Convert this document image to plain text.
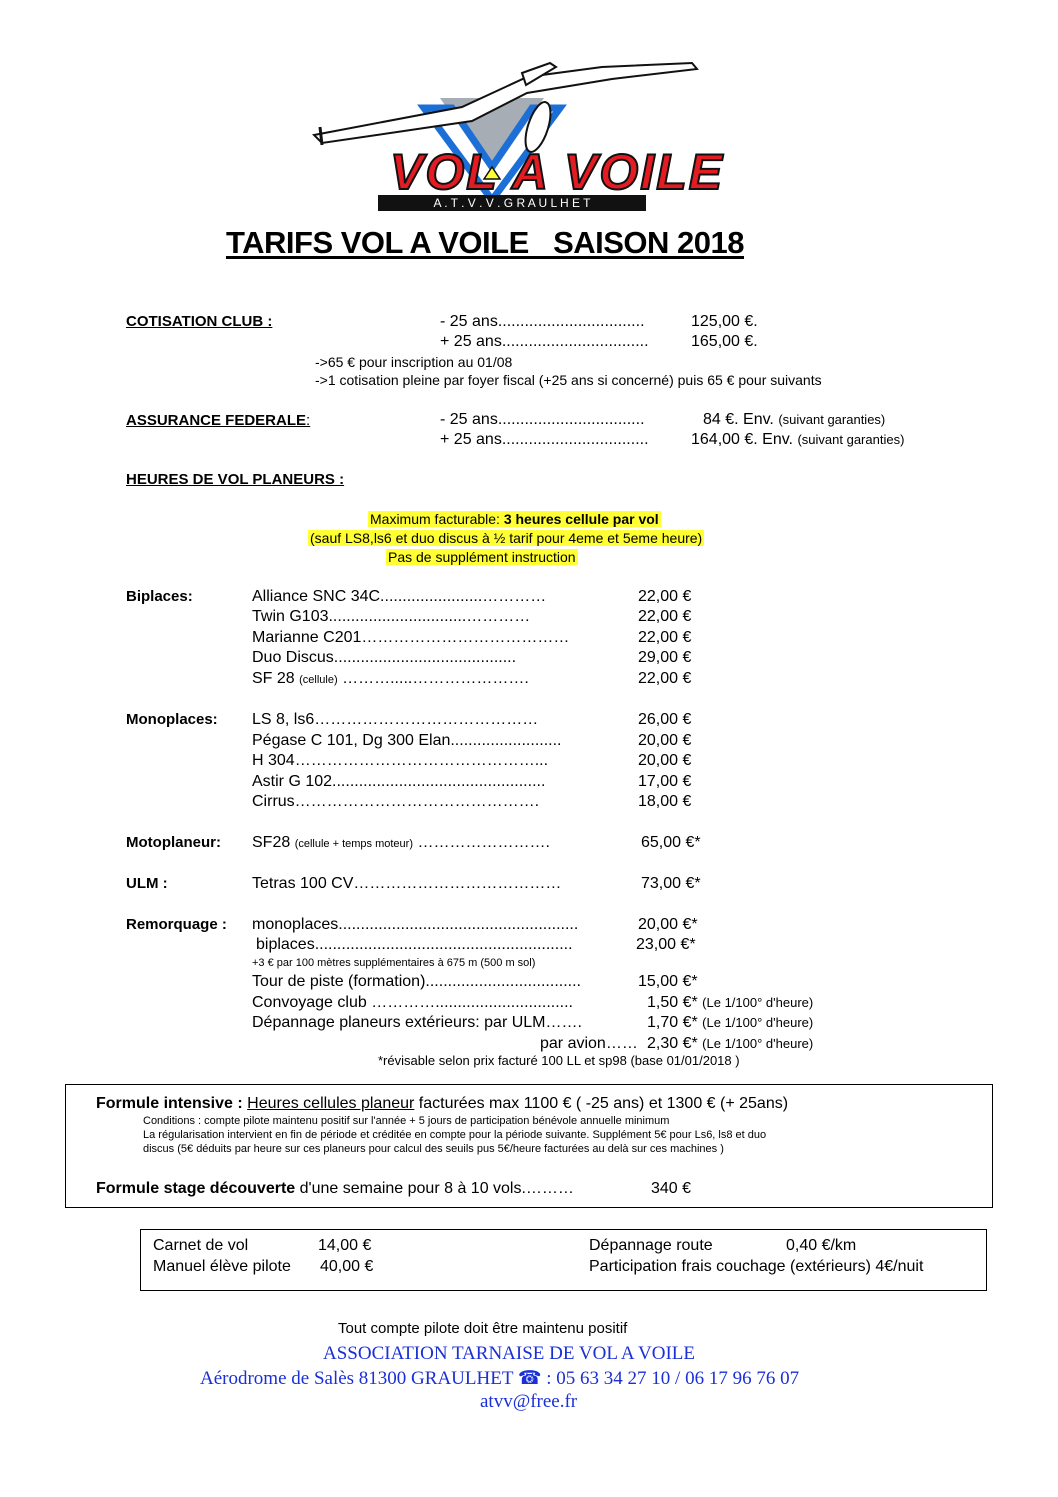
VOL A VOILE
A . T . V . V . G R A U L H E T
TARIFS VOL A VOILE   SAISON 2018
COTISATION CLUB :	- 25 ans.................................	125,00 €.
+ 25 ans.................................	165,00 €.
->65 € pour inscription au 01/08
->1 cotisation pleine par foyer fiscal (+25 ans si concerné) puis 65 € pour suivants
ASSURANCE FEDERALE:	- 25 ans.................................	84 €. Env. (suivant garanties)
+ 25 ans.................................	164,00 €. Env. (suivant garanties)
HEURES DE VOL PLANEURS :
Maximum facturable: 3 heures cellule par vol
(sauf LS8,ls6 et duo discus à ½ tarif pour 4eme et 5eme heure)
Pas de supplément instruction
Biplaces:	Alliance SNC 34C.......................…………	22,00 €
Twin G103...............................…………	22,00 €
Marianne C201…………………………………	22,00 €
Duo Discus.........................................	29,00 €
SF 28 (cellule) ……….....………………….	22,00 €
Monoplaces: LS 8, ls6……………………………………	26,00 €
Pégase C 101, Dg 300 Elan.........................	20,00 €
H 304………………………………………...	20,00 €
Astir G 102................................................	17,00 €
Cirrus……………………………………….	18,00 €
Motoplaneur: SF28 (cellule + temps moteur) …………………….	65,00 €*
ULM :	Tetras 100 CV…………………………………	73,00 €*
Remorquage : monoplaces......................................................	20,00 €*
biplaces..........................................................	23,00 €*
+3 € par 100 mètres supplémentaires à 675 m (500 m sol)
Tour de piste (formation)...................................	15,00 €*
Convoyage club …………...............................	1,50 €* (Le 1/100° d'heure)
Dépannage planeurs extérieurs: par ULM…….	1,70 €* (Le 1/100° d'heure)
par avion…… 2,30 €* (Le 1/100° d'heure)
*révisable selon prix facturé 100 LL et sp98 (base 01/01/2018 )
Formule intensive : Heures cellules planeur facturées max 1100 € ( -25 ans) et 1300 € (+ 25ans)
Conditions : compte pilote maintenu positif sur l'année + 5 jours de participation bénévole annuelle minimum
La régularisation intervient en fin de période et créditée en compte pour la période suivante. Supplément 5€ pour Ls6, ls8 et duo
discus (5€ déduits par heure sur ces planeurs pour calcul des seuils pus 5€/heure facturées au delà sur ces machines )
Formule stage découverte d'une semaine pour 8 à 10 vols.………	340 €
Carnet de vol	14,00 €
Manuel élève pilote 40,00 €
Dépannage route	0,40 €/km
Participation frais couchage (extérieurs) 4€/nuit
Tout compte pilote doit être maintenu positif
ASSOCIATION TARNAISE DE VOL A VOILE
Aérodrome de Salès 81300 GRAULHET ☎ : 05 63 34 27 10 / 06 17 96 76 07
atvv@free.fr
